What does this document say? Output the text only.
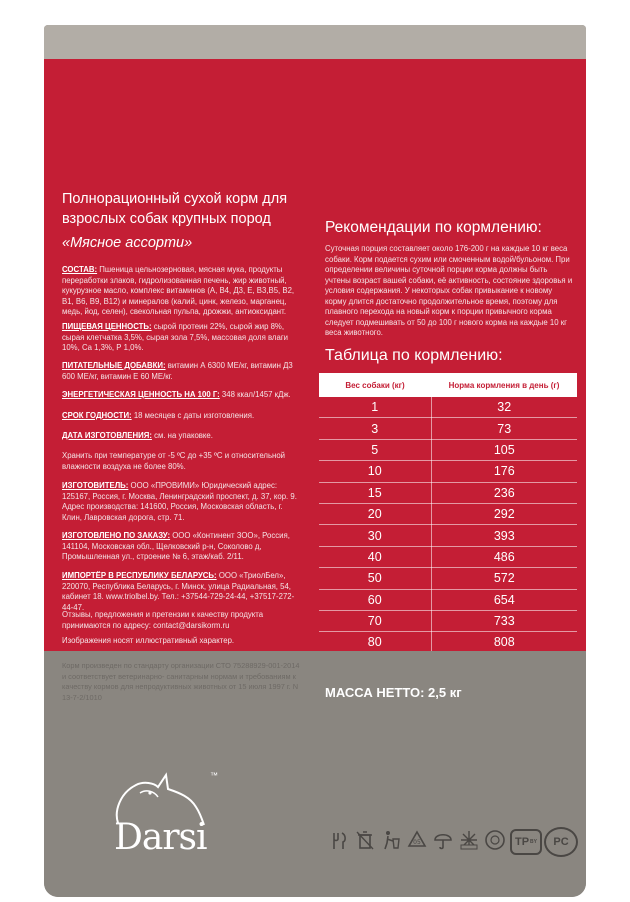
Полнорационный сухой корм для
взрослых собак крупных пород
«Мясное ассорти»
СОСТАВ: Пшеница цельнозерновая, мясная мука, продукты переработки злаков, гидролизованная печень, жир животный, кукурузное масло, комплекс витаминов (А, В4, Д3, Е, В3,В5, В2, В1, В6, В9, В12) и минералов (калий, цинк, железо, марганец, медь, йод, селен), свекольная пульпа, дрожжи, антиоксидант.
ПИЩЕВАЯ ЦЕННОСТЬ: сырой протеин 22%, сырой жир 8%, сырая клетчатка 3,5%, сырая зола 7,5%, массовая доля влаги 10%, Са 1,3%, Р 1,0%.
ПИТАТЕЛЬНЫЕ ДОБАВКИ: витамин А 6300 МЕ/кг, витамин Д3 600 МЕ/кг, витамин Е 60 МЕ/кг.
ЭНЕРГЕТИЧЕСКАЯ ЦЕННОСТЬ НА 100 Г: 348 ккал/1457 кДж.
СРОК ГОДНОСТИ: 18 месяцев с даты изготовления.
ДАТА ИЗГОТОВЛЕНИЯ: см. на упаковке.
Хранить при температуре от -5 ºС до +35 ºС и относительной влажности воздуха не более 80%.
ИЗГОТОВИТЕЛЬ: ООО «ПРОВИМИ» Юридический адрес: 125167, Россия, г. Москва, Ленинградский проспект, д. 37, кор. 9. Адрес производства: 141600, Россия, Московская область, г. Клин, Лавровская дорога, стр. 71.
ИЗГОТОВЛЕНО ПО ЗАКАЗУ: ООО «Континент ЗОО», Россия, 141104, Московская обл., Щелковский р-н, Соколово д, Промышленная ул., строение № 6, этаж/каб. 2/11.
ИМПОРТЁР В РЕСПУБЛИКУ БЕЛАРУСЬ: ООО «ТриолБел», 220070, Республика Беларусь, г. Минск, улица Радиальная, 54, кабинет 18. www.triolbel.by. Тел.: +37544-729-24-44, +37517-272-44-47.
Отзывы, предложения и претензии к качеству продукта принимаются по адресу: contact@darsikorm.ru
Изображения носят иллюстративный характер.
Рекомендации по кормлению:
Суточная порция составляет около 176-200 г на каждые 10 кг веса собаки. Корм подается сухим или смоченным водой/бульоном. При определении величины суточной порции корма должны быть учтены возраст вашей собаки, её активность, состояние здоровья и условия содержания. У некоторых собак привыкание к новому корму длится достаточно продолжительное время, поэтому для плавного перехода на новый корм к порции привычного корма следует подмешивать от 50 до 100 г нового корма на каждые 10 кг веса животного.
Таблица по кормлению:
Вес собаки (кг)	Норма кормления в день (г)
1	32
3	73
5	105
10	176
15	236
20	292
30	393
40	486
50	572
60	654
70	733
80	808
Корм произведен по стандарту организации СТО 75288929-001-2014 и соответствует ветеринарно- санитарным нормам и требованиям к качеству кормов для непродуктивных животных от 15 июля 1997 г. N 13-7-2/1010	МАССА НЕТТО: 2,5 кг
™
Darsi	05	TP BY	PC
